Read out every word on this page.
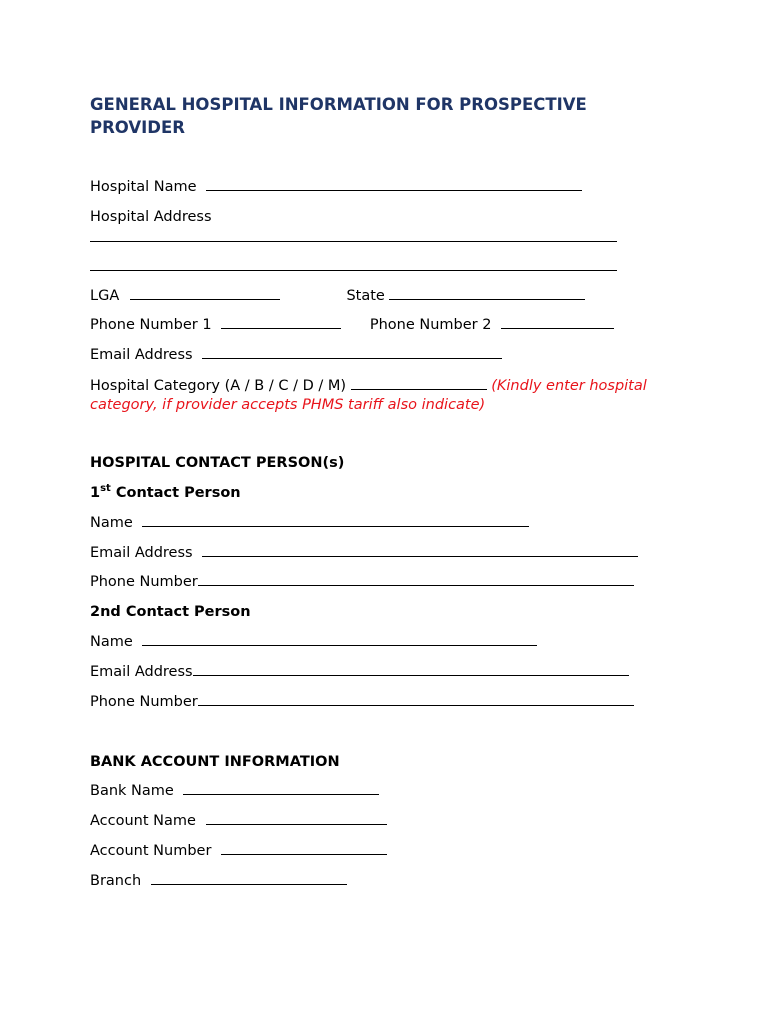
GENERAL HOSPITAL INFORMATION FOR PROSPECTIVE PROVIDER
Hospital Name
Hospital Address
LGA	State
Phone Number 1	Phone Number 2
Email Address
Hospital Category (A / B / C / D / M)	(Kindly enter hospital category, if provider accepts PHMS tariff also indicate)
HOSPITAL CONTACT PERSON(s)
1st Contact Person
Name
Email Address
Phone Number
2nd Contact Person
Name
Email Address
Phone Number
BANK ACCOUNT INFORMATION
Bank Name
Account Name
Account Number
Branch
